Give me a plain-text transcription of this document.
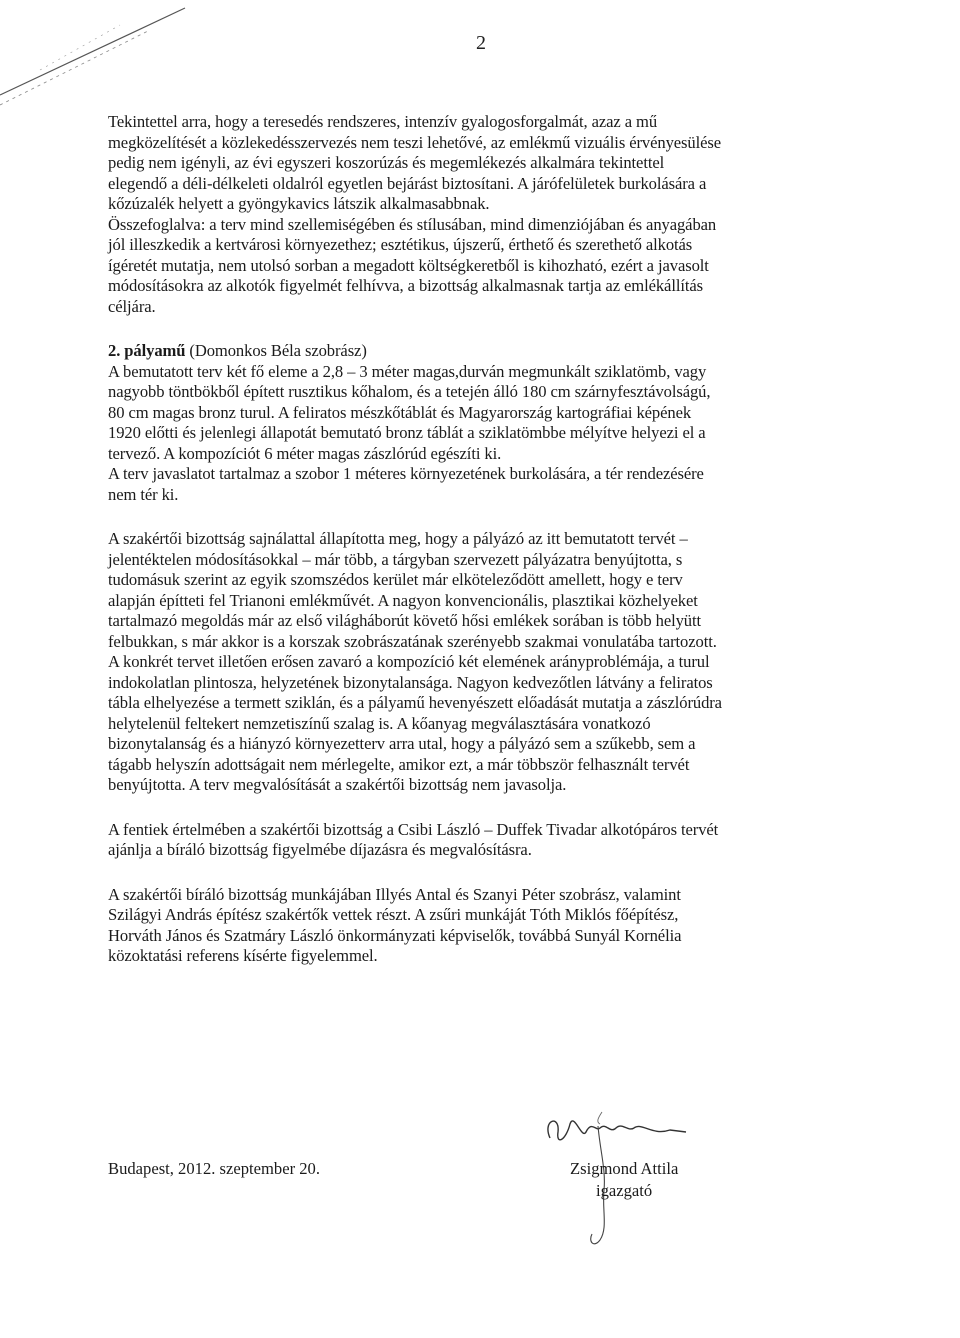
2

Tekintettel arra, hogy a teresedés rendszeres, intenzív gyalogosforgalmát, azaz a mű

megközelítését a közlekedésszervezés nem teszi lehetővé, az emlékmű vizuális érvényesülése

pedig nem igényli, az évi egyszeri koszorúzás és megemlékezés alkalmára tekintettel

elegendő a déli-délkeleti oldalról egyetlen bejárást biztosítani. A járófelületek burkolására a

kőzúzalék helyett a gyöngykavics látszik alkalmasabbnak.

Összefoglalva: a terv mind szellemiségében és stílusában, mind dimenziójában és anyagában

jól illeszkedik a kertvárosi környezethez; esztétikus, újszerű, érthető és szerethető alkotás

ígéretét mutatja, nem utolsó sorban a megadott költségkeretből is kihozható, ezért a javasolt

módosításokra az alkotók figyelmét felhívva, a bizottság alkalmasnak tartja az emlékállítás

céljára.

2. pályamű (Domonkos Béla szobrász)

A bemutatott terv két fő eleme a 2,8 – 3 méter magas,durván megmunkált sziklatömb, vagy

nagyobb töntbökből épített rusztikus kőhalom, és a tetején álló 180 cm szárnyfesztávolságú,

80 cm magas bronz turul. A feliratos mészkőtáblát és Magyarország kartográfiai képének

1920 előtti és jelenlegi állapotát bemutató bronz táblát a sziklatömbbe mélyítve helyezi el a

tervező. A kompozíciót 6 méter magas zászlórúd egészíti ki.

A terv javaslatot tartalmaz a szobor 1 méteres környezetének burkolására, a tér rendezésére

nem tér ki.

A szakértői bizottság sajnálattal állapította meg, hogy a pályázó az itt bemutatott tervét –

jelentéktelen módosításokkal – már több, a tárgyban szervezett pályázatra benyújtotta, s

tudomásuk szerint az egyik szomszédos kerület már elköteleződött amellett, hogy e terv

alapján építteti fel Trianoni emlékművét. A nagyon konvencionális, plasztikai közhelyeket

tartalmazó megoldás már az első világháborút követő hősi emlékek sorában is több helyütt

felbukkan, s már akkor is a korszak szobrászatának szerényebb szakmai vonulatába tartozott.

A konkrét tervet illetően erősen zavaró a kompozíció két elemének arányproblémája, a turul

indokolatlan plintosza, helyzetének bizonytalansága. Nagyon kedvezőtlen látvány a feliratos

tábla elhelyezése a termett sziklán, és a pályamű hevenyészett előadását mutatja a zászlórúdra

helytelenül feltekert nemzetiszínű szalag is. A kőanyag megválasztására vonatkozó

bizonytalanság és a hiányzó környezetterv arra utal, hogy a pályázó sem a szűkebb, sem a

tágabb helyszín adottságait nem mérlegelte, amikor ezt, a már többször felhasznált tervét

benyújtotta. A terv megvalósítását a szakértői bizottság nem javasolja.

A fentiek értelmében a szakértői bizottság a Csibi László – Duffek Tivadar alkotópáros tervét

ajánlja a bíráló bizottság figyelmébe díjazásra és megvalósításra.

A szakértői bíráló bizottság munkájában Illyés Antal és Szanyi Péter szobrász, valamint

Szilágyi András építész szakértők vettek részt. A zsűri munkáját Tóth Miklós főépítész,

Horváth János és Szatmáry László önkormányzati képviselők, továbbá Sunyál Kornélia

közoktatási referens kísérte figyelemmel.

Budapest, 2012. szeptember 20.	Zsigmond Attila
igazgató
